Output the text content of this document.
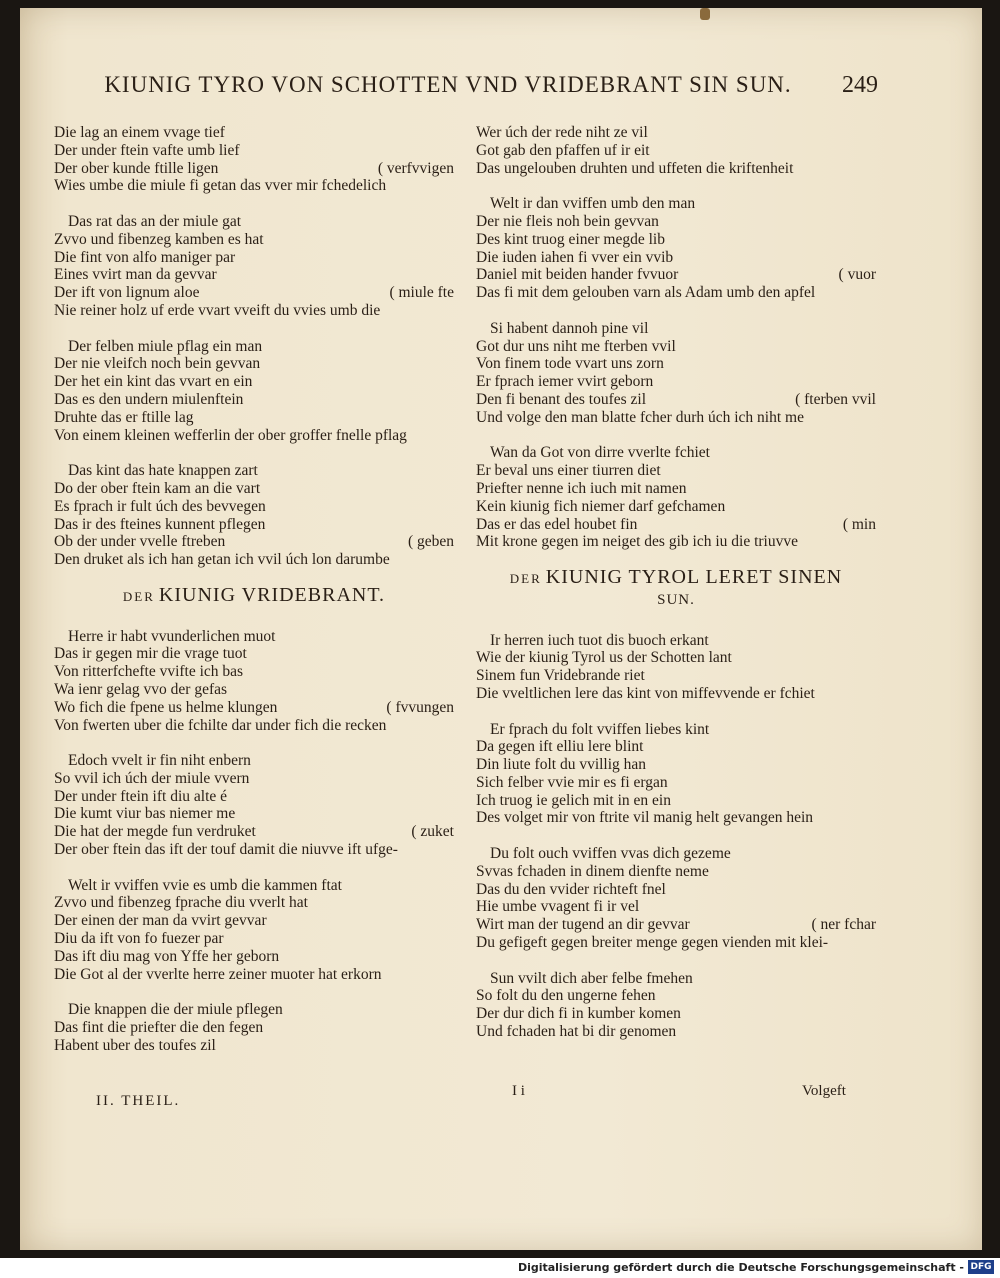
KIUNIG TYRO VON SCHOTTEN VND VRIDEBRANT SIN SUN. 249
Die lag an einem vvage tief
Der under ftein vafte umb lief
Der ober kunde ftille ligen	( verfvvigen
Wies umbe die miule fi getan das vver mir fchedelich
Das rat das an der miule gat
Zvvo und fibenzeg kamben es hat
Die fint von alfo maniger par
Eines vvirt man da gevvar
Der ift von lignum aloe	( miule fte
Nie reiner holz uf erde vvart vveift du vvies umb die
Der felben miule pflag ein man
Der nie vleifch noch bein gevvan
Der het ein kint das vvart en ein
Das es den undern miulenftein
Druhte das er ftille lag
Von einem kleinen wefferlin der ober groffer fnelle pflag
Das kint das hate knappen zart
Do der ober ftein kam an die vart
Es fprach ir fult úch des bevvegen
Das ir des fteines kunnent pflegen
Ob der under vvelle ftreben	( geben
Den druket als ich han getan ich vvil úch lon darumbe
DER KIUNIG VRIDEBRANT.
Herre ir habt vvunderlichen muot
Das ir gegen mir die vrage tuot
Von ritterfchefte vvifte ich bas
Wa ienr gelag vvo der gefas
Wo fich die fpene us helme klungen	( fvvungen
Von fwerten uber die fchilte dar under fich die recken
Edoch vvelt ir fin niht enbern
So vvil ich úch der miule vvern
Der under ftein ift diu alte é
Die kumt viur bas niemer me
Die hat der megde fun verdruket	( zuket
Der ober ftein das ift der touf damit die niuvve ift ufge-
Welt ir vviffen vvie es umb die kammen ftat
Zvvo und fibenzeg fprache diu vverlt hat
Der einen der man da vvirt gevvar
Diu da ift von fo fuezer par
Das ift diu mag von Yffe her geborn
Die Got al der vverlte herre zeiner muoter hat erkorn
Die knappen die der miule pflegen
Das fint die priefter die den fegen
Habent uber des toufes zil
Wer úch der rede niht ze vil
Got gab den pfaffen uf ir eit
Das ungelouben druhten und uffeten die kriftenheit
Welt ir dan vviffen umb den man
Der nie fleis noh bein gevvan
Des kint truog einer megde lib
Die iuden iahen fi vver ein vvib
Daniel mit beiden hander fvvuor	( vuor
Das fi mit dem gelouben varn als Adam umb den apfel
Si habent dannoh pine vil
Got dur uns niht me fterben vvil
Von finem tode vvart uns zorn
Er fprach iemer vvirt geborn
Den fi benant des toufes zil	( fterben vvil
Und volge den man blatte fcher durh úch ich niht me
Wan da Got von dirre vverlte fchiet
Er beval uns einer tiurren diet
Priefter nenne ich iuch mit namen
Kein kiunig fich niemer darf gefchamen
Das er das edel houbet fin	( min
Mit krone gegen im neiget des gib ich iu die triuvve
DER KIUNIG TYROL LERET SINEN
SUN.
Ir herren iuch tuot dis buoch erkant
Wie der kiunig Tyrol us der Schotten lant
Sinem fun Vridebrande riet
Die vveltlichen lere das kint von miffevvende er fchiet
Er fprach du folt vviffen liebes kint
Da gegen ift elliu lere blint
Din liute folt du vvillig han
Sich felber vvie mir es fi ergan
Ich truog ie gelich mit in en ein
Des volget mir von ftrite vil manig helt gevangen hein
Du folt ouch vviffen vvas dich gezeme
Svvas fchaden in dinem dienfte neme
Das du den vvider richteft fnel
Hie umbe vvagent fi ir vel
Wirt man der tugend an dir gevvar	( ner fchar
Du gefigeft gegen breiter menge gegen vienden mit klei-
Sun vvilt dich aber felbe fmehen
So folt du den ungerne fehen
Der dur dich fi in kumber komen
Und fchaden hat bi dir genomen
II. THEIL.
I i	Volgeft
Digitalisierung gefördert durch die Deutsche Forschungsgemeinschaft - DFG
